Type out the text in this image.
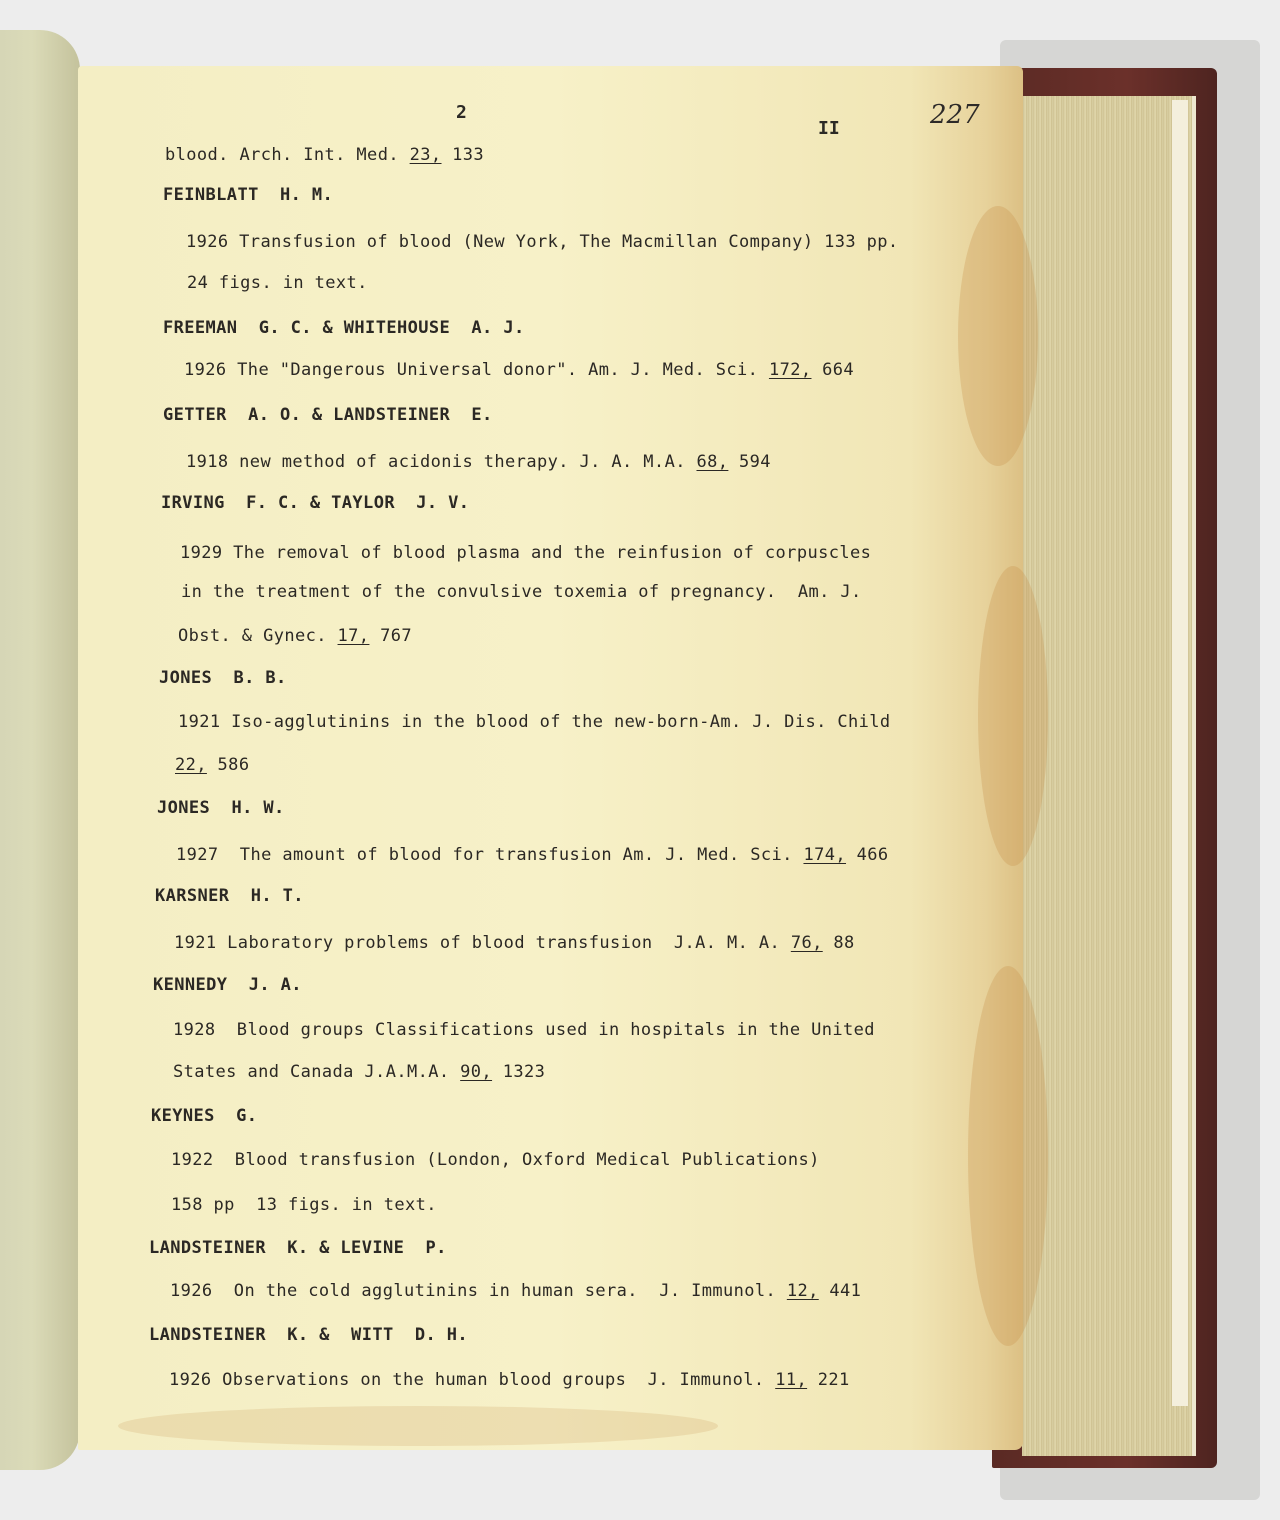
2
II	227
blood. Arch. Int. Med. 23, 133
FEINBLATT  H. M.
1926 Transfusion of blood (New York, The Macmillan Company) 133 pp.
24 figs. in text.
FREEMAN  G. C. & WHITEHOUSE  A. J.
1926 The "Dangerous Universal donor". Am. J. Med. Sci. 172, 664
GETTER  A. O. & LANDSTEINER  E.
1918 new method of acidonis therapy. J. A. M.A. 68, 594
IRVING  F. C. & TAYLOR  J. V.
1929 The removal of blood plasma and the reinfusion of corpuscles
in the treatment of the convulsive toxemia of pregnancy.  Am. J.
Obst. & Gynec. 17, 767
JONES  B. B.
1921 Iso-agglutinins in the blood of the new-born-Am. J. Dis. Child
22, 586
JONES  H. W.
1927  The amount of blood for transfusion Am. J. Med. Sci. 174, 466
KARSNER  H. T.
1921 Laboratory problems of blood transfusion  J.A. M. A. 76, 88
KENNEDY  J. A.
1928  Blood groups Classifications used in hospitals in the United
States and Canada J.A.M.A. 90, 1323
KEYNES  G.
1922  Blood transfusion (London, Oxford Medical Publications)
158 pp  13 figs. in text.
LANDSTEINER  K. & LEVINE  P.
1926  On the cold agglutinins in human sera.  J. Immunol. 12, 441
LANDSTEINER  K. &  WITT  D. H.
1926 Observations on the human blood groups  J. Immunol. 11, 221
